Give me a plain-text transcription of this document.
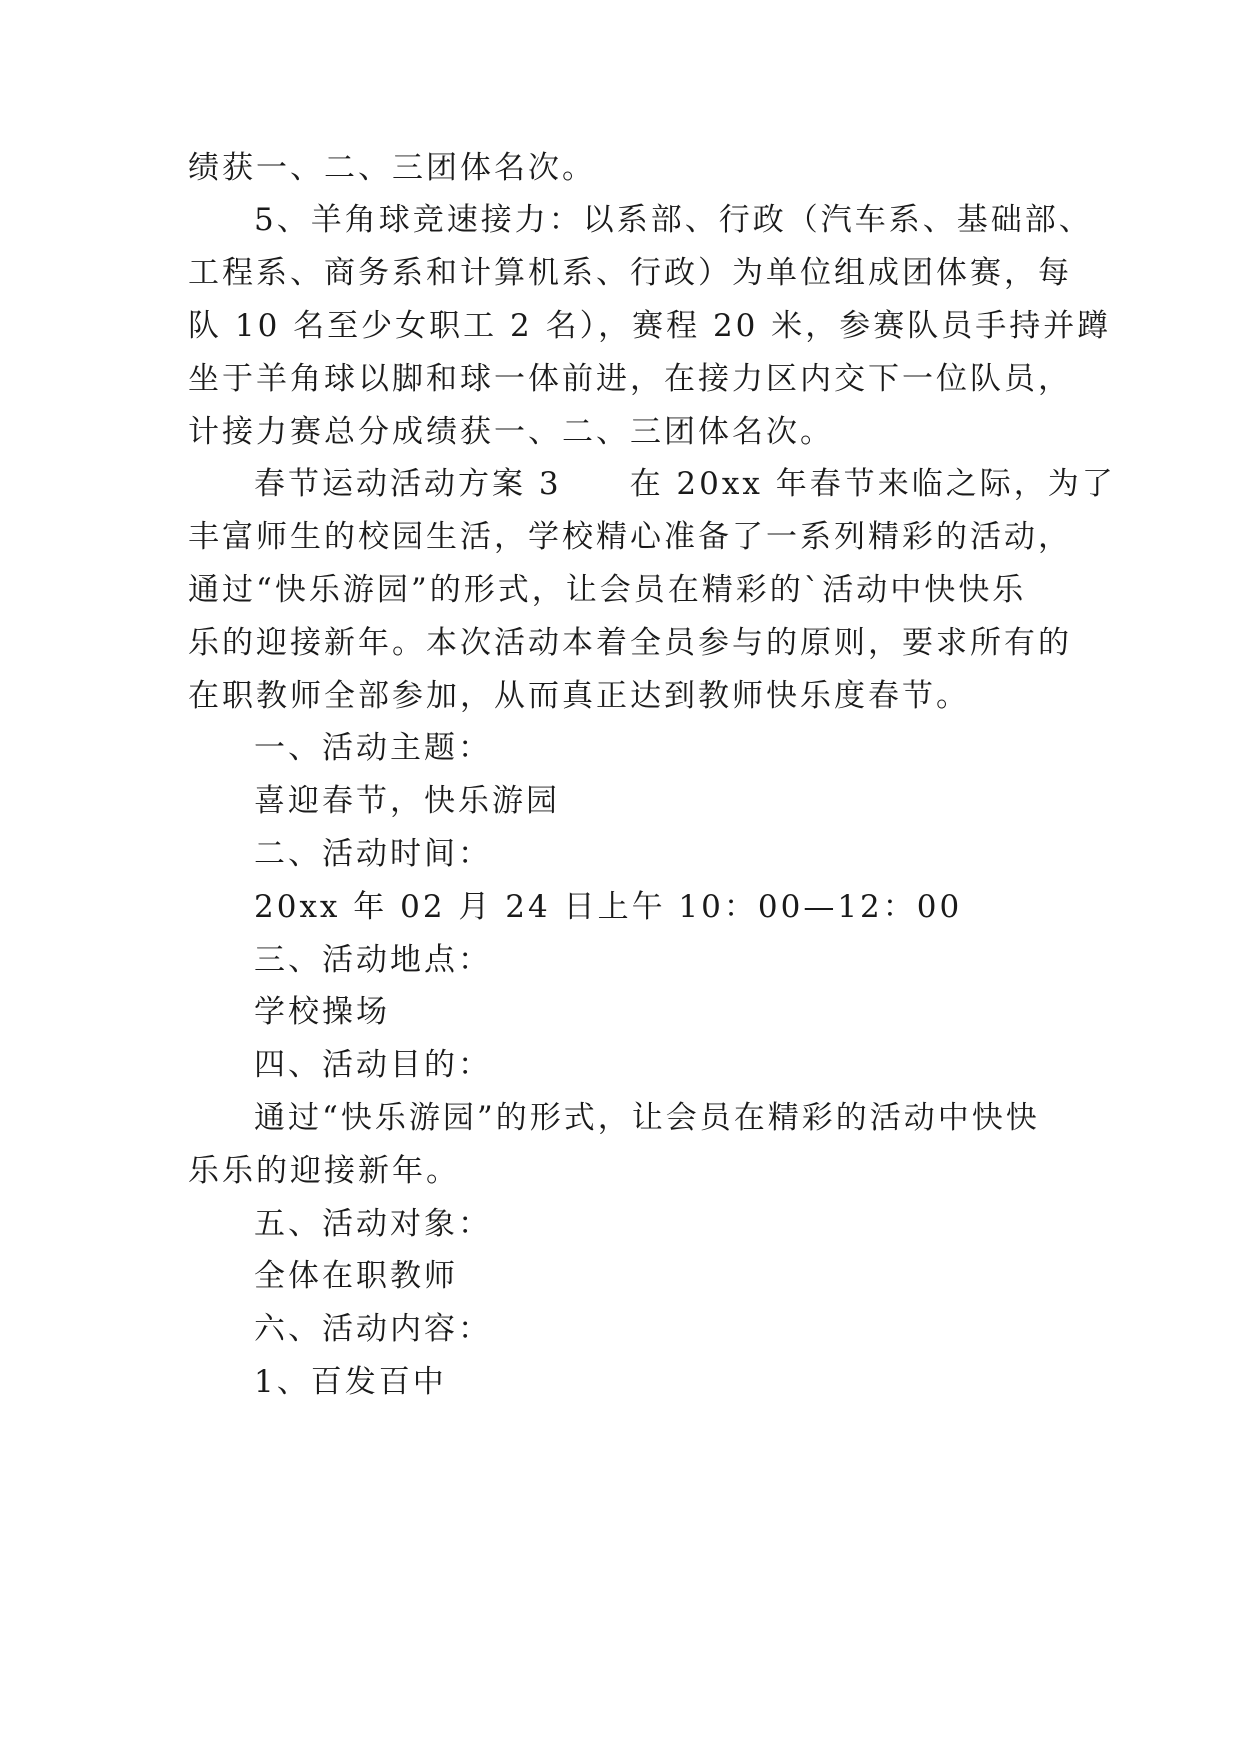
绩获一、二、三团体名次。
5、羊角球竞速接力：以系部、行政（汽车系、基础部、
工程系、商务系和计算机系、行政）为单位组成团体赛，每
队 10 名至少女职工 2 名），赛程 20 米，参赛队员手持并蹲
坐于羊角球以脚和球一体前进，在接力区内交下一位队员，
计接力赛总分成绩获一、二、三团体名次。
春节运动活动方案 3　　在 20xx 年春节来临之际，为了
丰富师生的校园生活，学校精心准备了一系列精彩的活动，
通过“快乐游园”的形式，让会员在精彩的`活动中快快乐
乐的迎接新年。本次活动本着全员参与的原则，要求所有的
在职教师全部参加，从而真正达到教师快乐度春节。
一、活动主题：
喜迎春节，快乐游园
二、活动时间：
20xx 年 02 月 24 日上午 10：00—12：00
三、活动地点：
学校操场
四、活动目的：
通过“快乐游园”的形式，让会员在精彩的活动中快快
乐乐的迎接新年。
五、活动对象：
全体在职教师
六、活动内容：
1、百发百中
